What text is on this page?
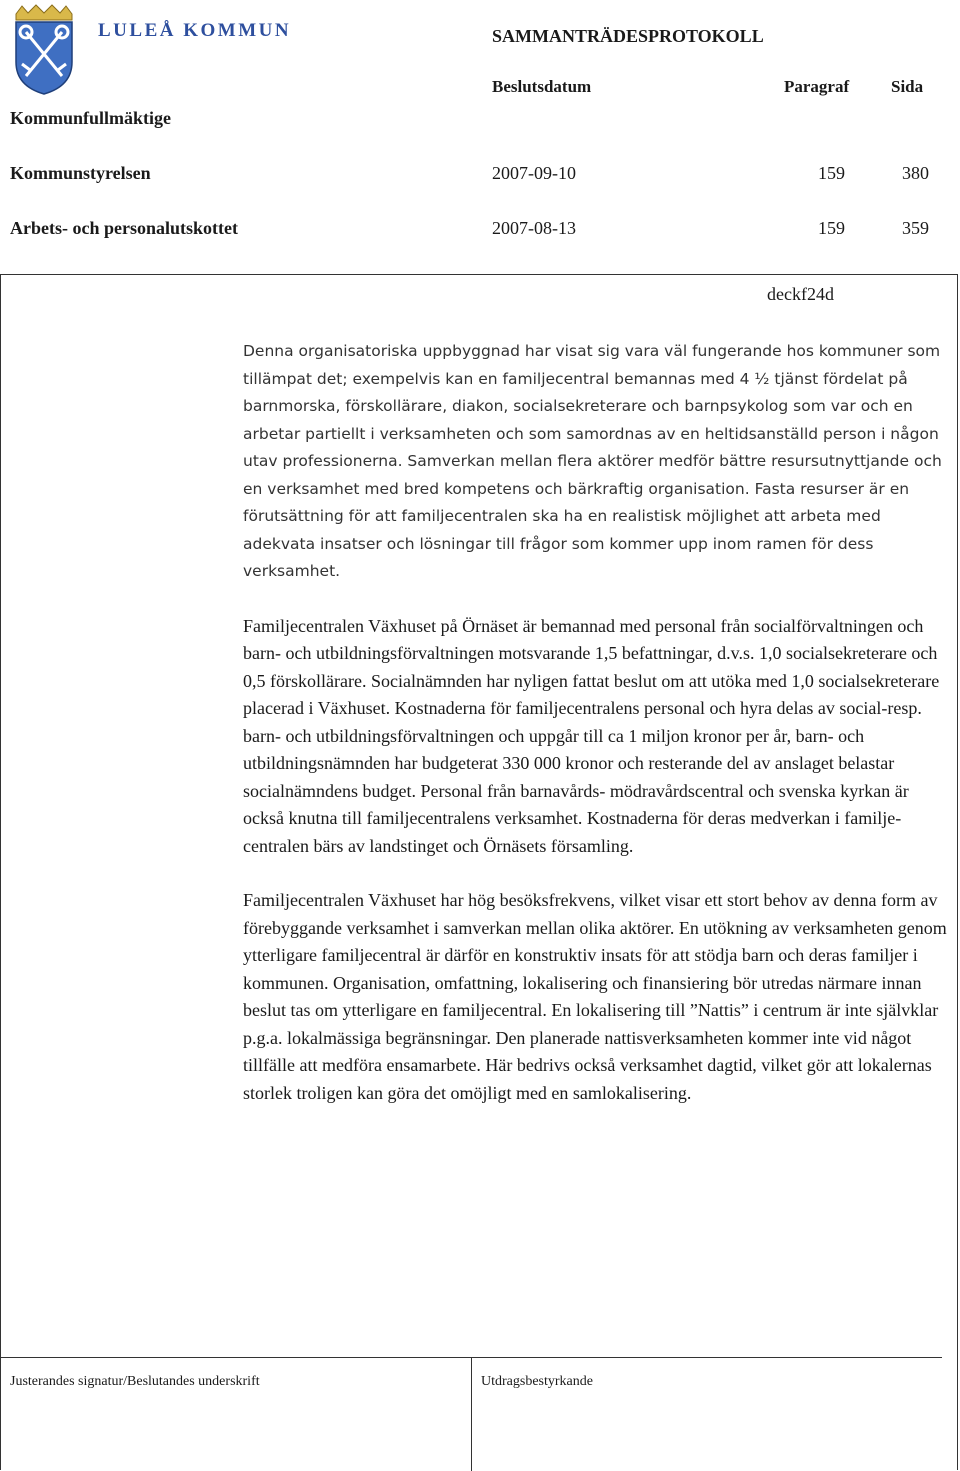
LULEÅ KOMMUN	SAMMANTRÄDESPROTOKOLL
Beslutsdatum	Paragraf Sida
Kommunfullmäktige
Kommunstyrelsen	2007-09-10	159	380
Arbets- och personalutskottet	2007-08-13	159	359
deckf24d

Denna organisatoriska uppbyggnad har visat sig vara väl fungerande hos kommuner som tillämpat det; exempelvis kan en familjecentral bemannas med 4 ½ tjänst fördelat på barnmorska, förskollärare, diakon, socialsekreterare och barnpsykolog som var och en arbetar partiellt i verksamheten och som samordnas av en heltidsanställd person i någon utav professionerna. Samverkan mellan flera aktörer medför bättre resursutnyttjande och en verksamhet med bred kompetens och bärkraftig organisation. Fasta resurser är en förutsättning för att familjecentralen ska ha en realistisk möjlighet att arbeta med adekvata insatser och lösningar till frågor som kommer upp inom ramen för dess verksamhet.

Familjecentralen Växhuset på Örnäset är bemannad med personal från socialförvaltningen och barn- och utbildningsförvaltningen motsvarande 1,5 befattningar, d.v.s. 1,0 socialsekreterare och 0,5 förskollärare. Socialnämnden har nyligen fattat beslut om att utöka med 1,0 socialsekreterare placerad i Växhuset. Kostnaderna för familjecentralens personal och hyra delas av social-resp. barn- och utbildningsförvaltningen och uppgår till ca 1 miljon kronor per år, barn- och utbildningsnämnden har budgeterat 330 000 kronor och resterande del av anslaget belastar socialnämndens budget. Personal från barnavårds- mödravårdscentral och svenska kyrkan är också knutna till familjecentralens verksamhet. Kostnaderna för deras medverkan i familje-centralen bärs av landstinget och Örnäsets församling.

Familjecentralen Växhuset har hög besöksfrekvens, vilket visar ett stort behov av denna form av förebyggande verksamhet i samverkan mellan olika aktörer. En utökning av verksamheten genom ytterligare familjecentral är därför en konstruktiv insats för att stödja barn och deras familjer i kommunen. Organisation, omfattning, lokalisering och finansiering bör utredas närmare innan beslut tas om ytterligare en familjecentral. En lokalisering till ”Nattis” i centrum är inte självklar p.g.a. lokalmässiga begränsningar. Den planerade nattisverksamheten kommer inte vid något tillfälle att medföra ensamarbete. Här bedrivs också verksamhet dagtid, vilket gör att lokalernas storlek troligen kan göra det omöjligt med en samlokalisering.

Justerandes signatur/Beslutandes underskrift	Utdragsbestyrkande
